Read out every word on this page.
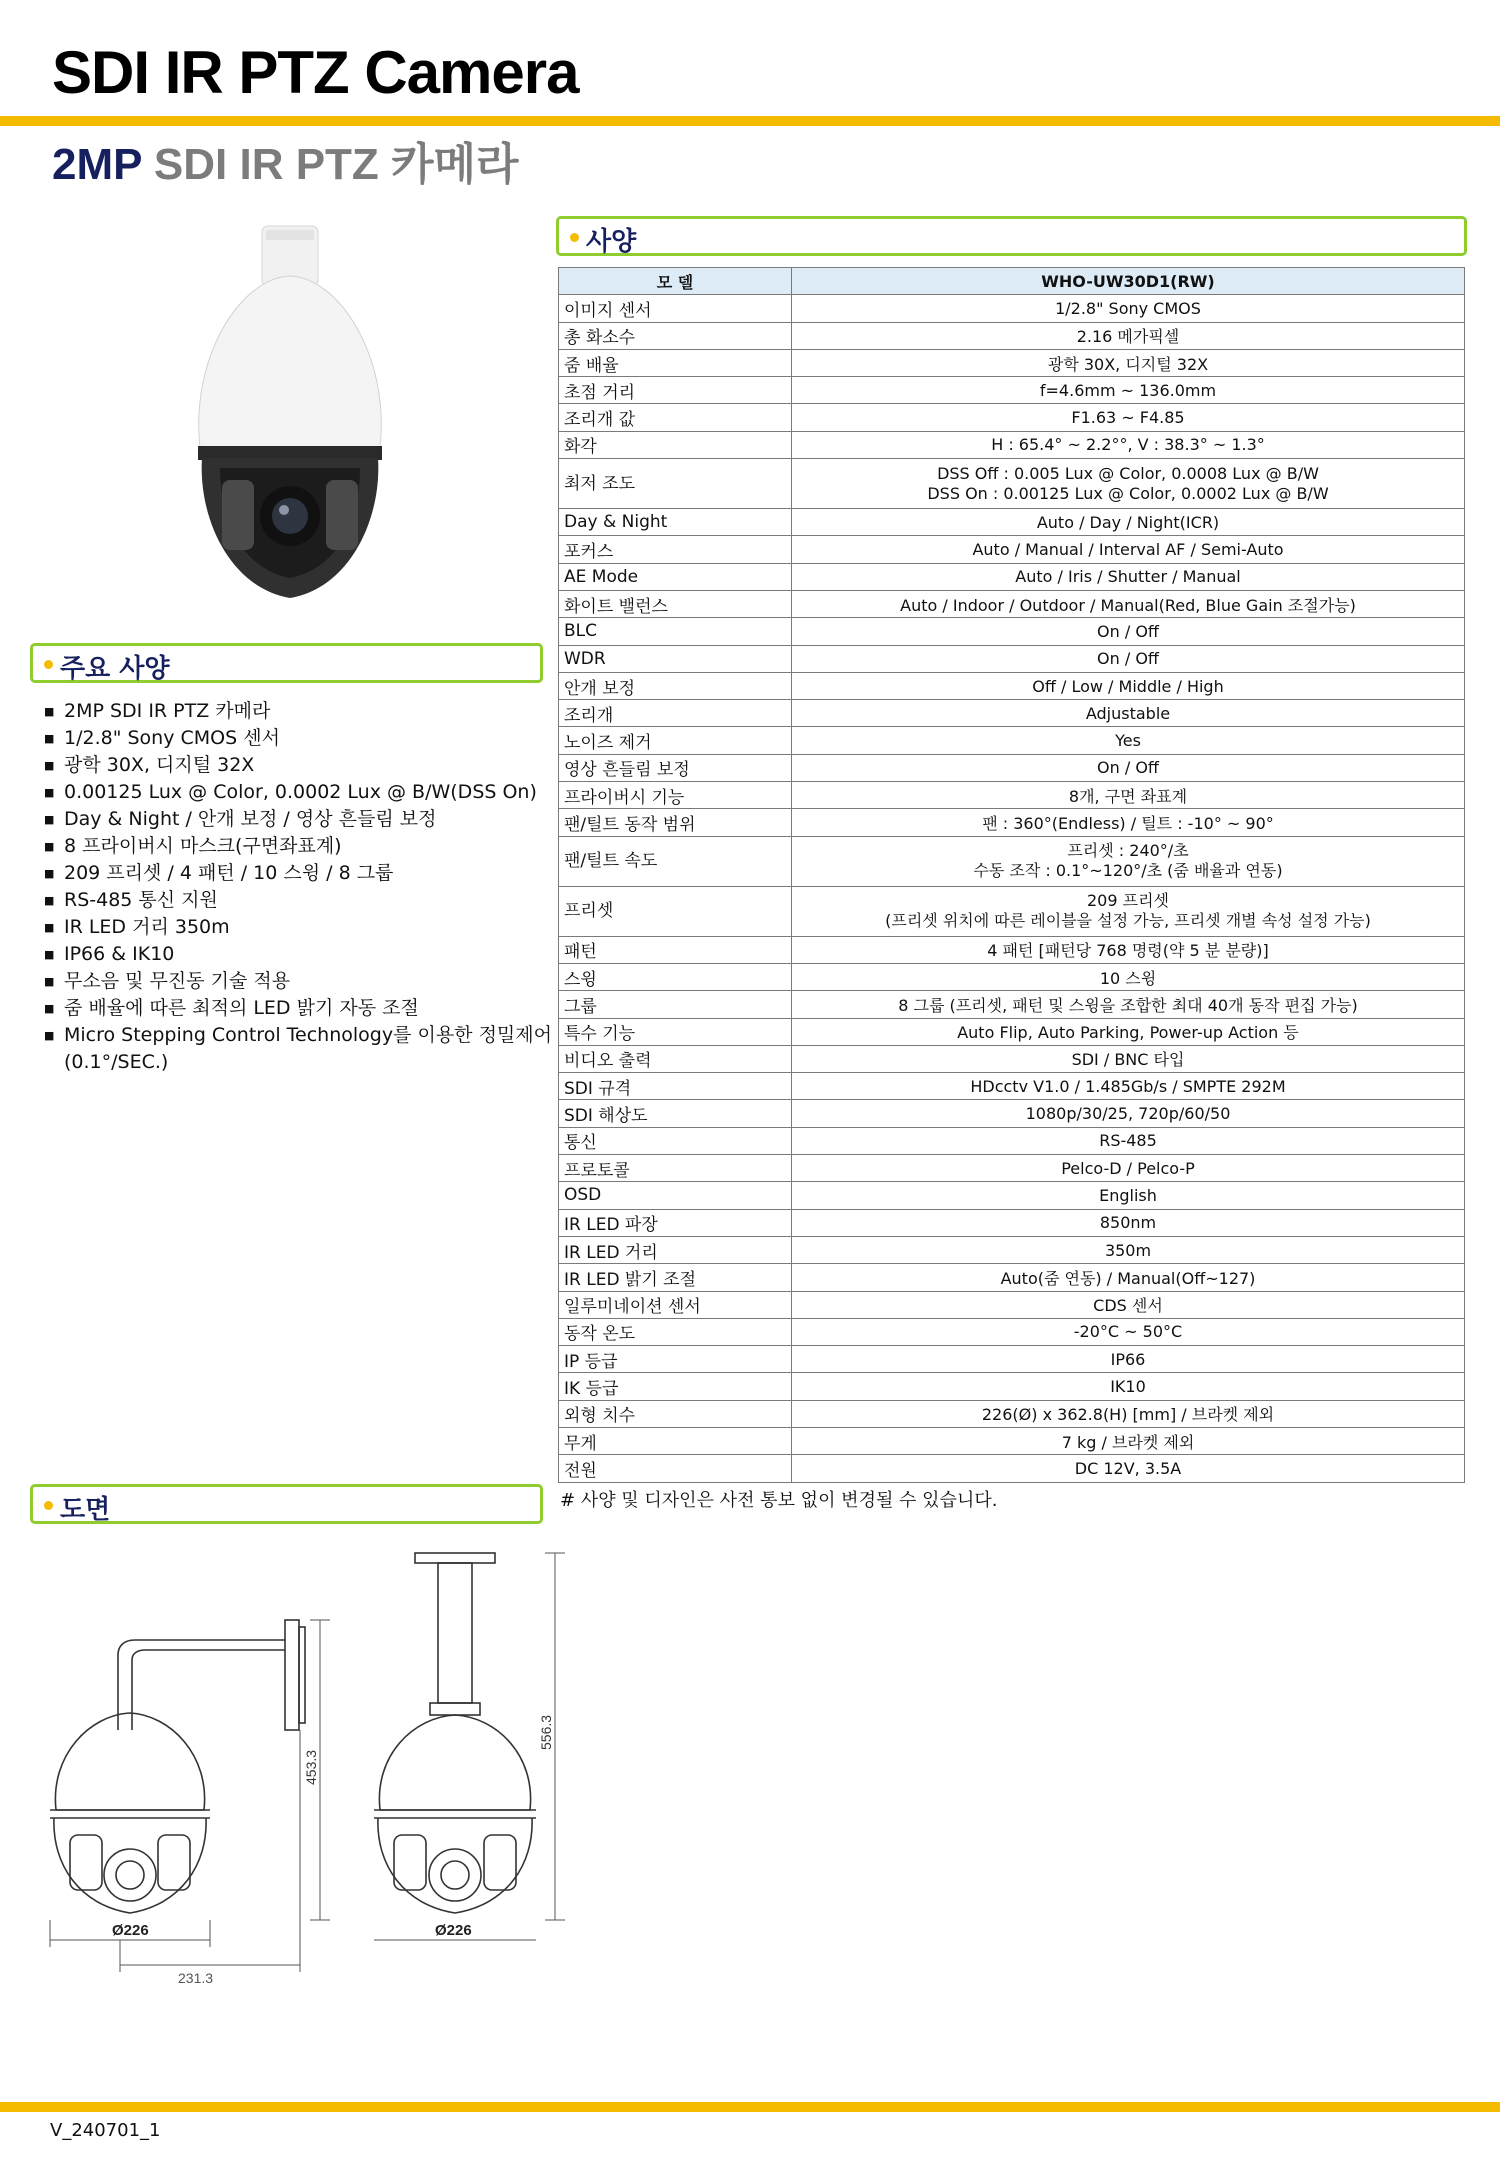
SDI IR PTZ Camera
2MP SDI IR PTZ 카메라
주요 사양
■ 2MP SDI IR PTZ 카메라
■ 1/2.8" Sony CMOS 센서
■ 광학 30X, 디지털 32X
■ 0.00125 Lux @ Color, 0.0002 Lux @ B/W(DSS On)
■ Day & Night / 안개 보정 / 영상 흔들림 보정
■ 8 프라이버시 마스크(구면좌표계)
■ 209 프리셋 / 4 패턴 / 10 스윙 / 8 그룹
■ RS-485 통신 지원
■ IR LED 거리 350m
■ IP66 & IK10
■ 무소음 및 무진동 기술 적용
■ 줌 배율에 따른 최적의 LED 밝기 자동 조절
■ Micro Stepping Control Technology를 이용한 정밀제어(0.1°/SEC.)
사양
모 델	WHO-UW30D1(RW)
이미지 센서	1/2.8" Sony CMOS

총 화소수	2.16 메가픽셀

줌 배율	광학 30X, 디지털 32X

초점 거리	f=4.6mm ~ 136.0mm

조리개 값	F1.63 ~ F4.85

화각	H : 65.4° ~ 2.2°°, V : 38.3° ~ 1.3°

최저 조도	DSS Off : 0.005 Lux @ Color, 0.0008 Lux @ B/W
DSS On : 0.00125 Lux @ Color, 0.0002 Lux @ B/W

Day & Night	Auto / Day / Night(ICR)

포커스	Auto / Manual / Interval AF / Semi-Auto

AE Mode	Auto / Iris / Shutter / Manual

화이트 밸런스	Auto / Indoor / Outdoor / Manual(Red, Blue Gain 조절가능)

BLC	On / Off

WDR	On / Off

안개 보정	Off / Low / Middle / High

조리개	Adjustable

노이즈 제거	Yes

영상 흔들림 보정	On / Off

프라이버시 기능	8개, 구면 좌표계

팬/틸트 동작 범위	팬 : 360°(Endless) / 틸트 : -10° ~ 90°

팬/틸트 속도	프리셋 : 240°/초
수동 조작 : 0.1°~120°/초 (줌 배율과 연동)

프리셋	209 프리셋
(프리셋 위치에 따른 레이블을 설정 가능, 프리셋 개별 속성 설정 가능)

패턴	4 패턴 [패턴당 768 명령(약 5 분 분량)]

스윙	10 스윙

그룹	8 그룹 (프리셋, 패턴 및 스윙을 조합한 최대 40개 동작 편집 가능)

특수 기능	Auto Flip, Auto Parking, Power-up Action 등

비디오 출력	SDI / BNC 타입

SDI 규격	HDcctv V1.0 / 1.485Gb/s / SMPTE 292M

SDI 해상도	1080p/30/25, 720p/60/50

통신	RS-485

프로토콜	Pelco-D / Pelco-P

OSD	English

IR LED 파장	850nm

IR LED 거리	350m

IR LED 밝기 조절	Auto(줌 연동) / Manual(Off~127)

일루미네이션 센서	CDS 센서

동작 온도	-20°C ~ 50°C

IP 등급	IP66

IK 등급	IK10

외형 치수	226(Ø) x 362.8(H) [mm] / 브라켓 제외

무게	7 kg / 브라켓 제외

전원	DC 12V, 3.5A
# 사양 및 디자인은 사전 통보 없이 변경될 수 있습니다.
도면
453.3
556.3
Ø226	Ø226
231.3
V_240701_1
